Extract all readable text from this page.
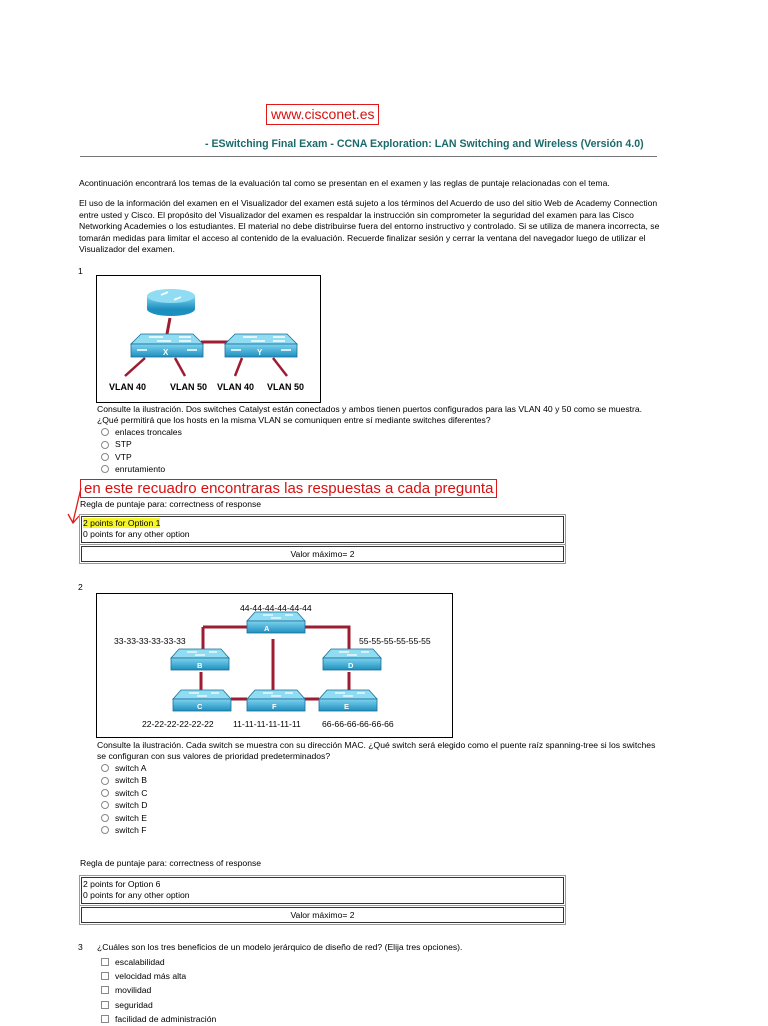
www.cisconet.es
- ESwitching Final Exam - CCNA Exploration: LAN Switching and Wireless (Versión 4.0)
Acontinuación encontrará los temas de la evaluación tal como se presentan en el examen y las reglas de puntaje relacionadas con el tema.
El uso de la información del examen en el Visualizador del examen está sujeto a los términos del Acuerdo de uso del sitio Web de Academy Connection entre usted y Cisco. El propósito del Visualizador del examen es respaldar la instrucción sin comprometer la seguridad del examen para las Cisco Networking Academies o los estudiantes. El material no debe distribuirse fuera del entorno instructivo y controlado. Si se utiliza de manera incorrecta, se tomarán medidas para limitar el acceso al contenido de la evaluación. Recuerde finalizar sesión y cerrar la ventana del navegador luego de utilizar el Visualizador del examen.
1
X	Y
VLAN 40	VLAN 50 VLAN 40 VLAN 50
Consulte la ilustración. Dos switches Catalyst están conectados y ambos tienen puertos configurados para las VLAN 40 y 50 como se muestra. ¿Qué permitirá que los hosts en la misma VLAN se comuniquen entre sí mediante switches diferentes?
enlaces troncales
STP
VTP
enrutamiento
en este recuadro encontraras las respuestas a cada pregunta
Regla de puntaje para: correctness of response
2 points for Option 1
0 points for any other option
Valor máximo= 2
2
A
B	D
C	F	E
44-44-44-44-44-44
33-33-33-33-33-33	55-55-55-55-55-55
22-22-22-22-22-22 11-11-11-11-11-11 66-66-66-66-66-66
Consulte la ilustración. Cada switch se muestra con su dirección MAC. ¿Qué switch será elegido como el puente raíz spanning-tree si los switches se configuran con sus valores de prioridad predeterminados?
switch A
switch B
switch C
switch D
switch E
switch F
Regla de puntaje para: correctness of response
2 points for Option 6
0 points for any other option
Valor máximo= 2
3 ¿Cuáles son los tres beneficios de un modelo jerárquico de diseño de red? (Elija tres opciones).
escalabilidad
velocidad más alta
movilidad
seguridad
facilidad de administración
